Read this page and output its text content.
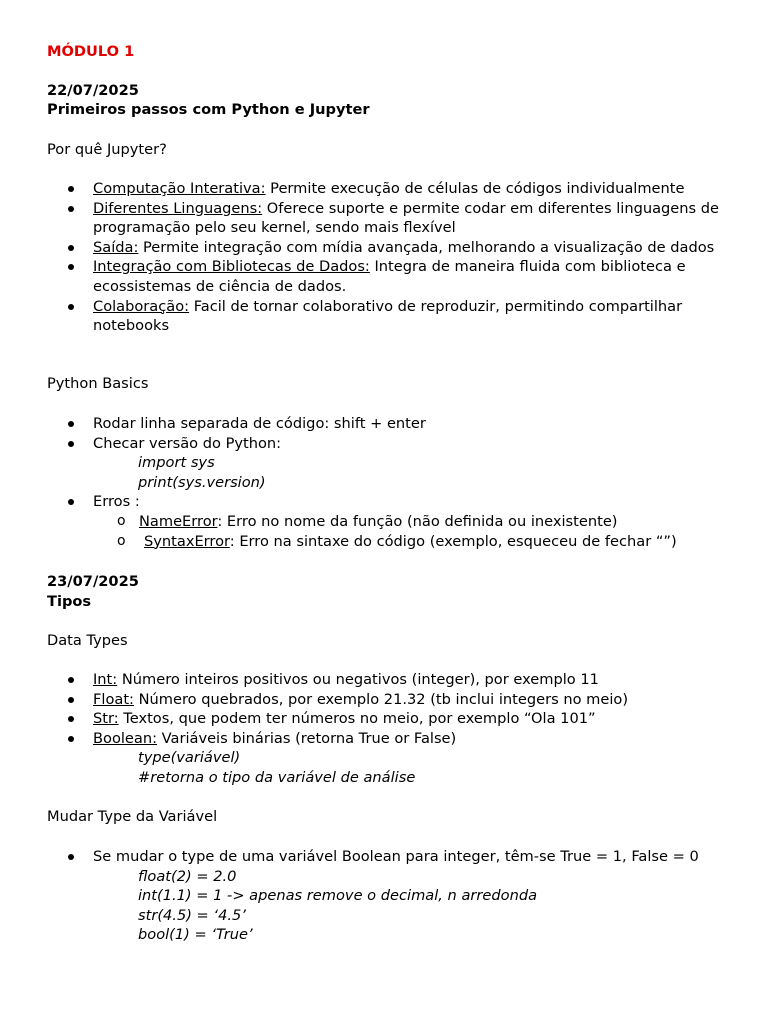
MÓDULO 1

22/07/2025

Primeiros passos com Python e Jupyter

Por quê Jupyter?

Computação Interativa: Permite execução de células de códigos individualmente
Diferentes Linguagens: Oferece suporte e permite codar em diferentes linguagens de programação pelo seu kernel, sendo mais flexível
Saída: Permite integração com mídia avançada, melhorando a visualização de dados
Integração com Bibliotecas de Dados: Integra de maneira fluida com biblioteca e ecossistemas de ciência de dados.
Colaboração: Facil de tornar colaborativo de reproduzir, permitindo compartilhar notebooks

Python Basics

Rodar linha separada de código: shift + enter
Checar versão do Python:
import sys
print(sys.version)
Erros :
o NameError: Erro no nome da função (não definida ou inexistente)
o SyntaxError: Erro na sintaxe do código (exemplo, esqueceu de fechar “”)

23/07/2025

Tipos

Data Types

Int: Número inteiros positivos ou negativos (integer), por exemplo 11
Float: Número quebrados, por exemplo 21.32 (tb inclui integers no meio)
Str: Textos, que podem ter números no meio, por exemplo “Ola 101”
Boolean: Variáveis binárias (retorna True or False)
type(variável)
#retorna o tipo da variável de análise

Mudar Type da Variável

Se mudar o type de uma variável Boolean para integer, têm-se True = 1, False = 0
float(2) = 2.0
int(1.1) = 1 -> apenas remove o decimal, n arredonda
str(4.5) = ‘4.5’
bool(1) = ‘True’
